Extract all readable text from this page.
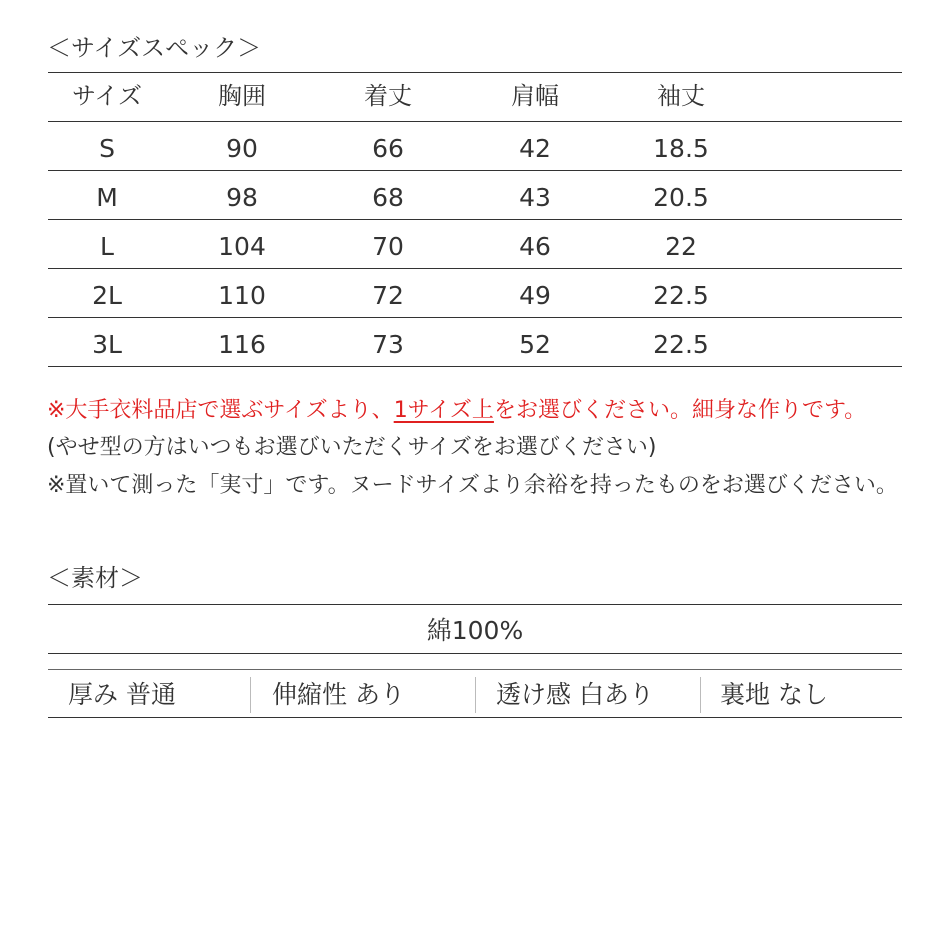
＜サイズスペック＞
サイズ	胸囲	着丈	肩幅	袖丈
S	90	66	42	18.5
M	98	68	43	20.5
L	104	70	46	22
2L	110	72	49	22.5
3L	116	73	52	22.5
※大手衣料品店で選ぶサイズより、1サイズ上をお選びください。細身な作りです。
(やせ型の方はいつもお選びいただくサイズをお選びください)
※置いて測った「実寸」です。ヌードサイズより余裕を持ったものをお選びください。
＜素材＞
綿100%
厚み 普通	伸縮性 あり	透け感 白あり	裏地 なし
